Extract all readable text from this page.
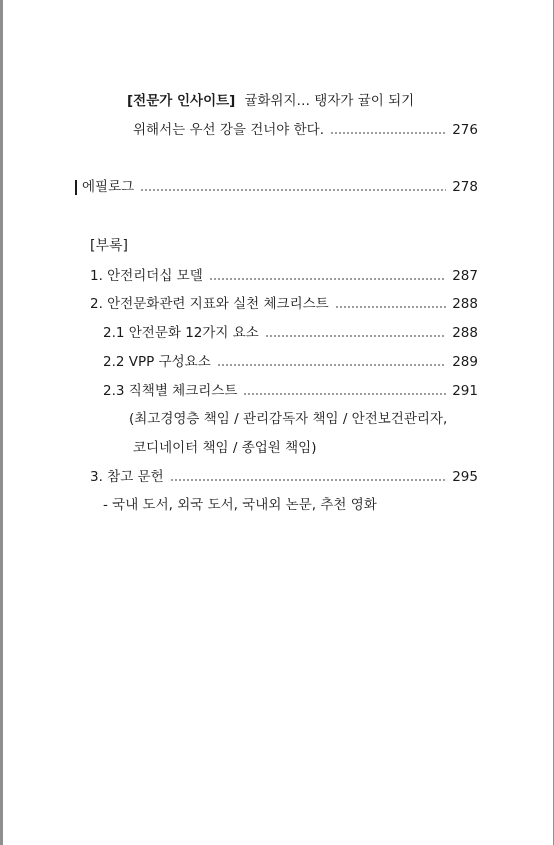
[전문가 인사이트] 귤화위지… 탱자가 귤이 되기
위해서는 우선 강을 건너야 한다.	276
에필로그	278
[부록]
1. 안전리더십 모델	287
2. 안전문화관련 지표와 실천 체크리스트	288
2.1 안전문화 12가지 요소	288
2.2 VPP 구성요소	289
2.3 직책별 체크리스트	291
(최고경영층 책임 / 관리감독자 책임 / 안전보건관리자,
코디네이터 책임 / 종업원 책임)
3. 참고 문헌	295
- 국내 도서, 외국 도서, 국내외 논문, 추천 영화
